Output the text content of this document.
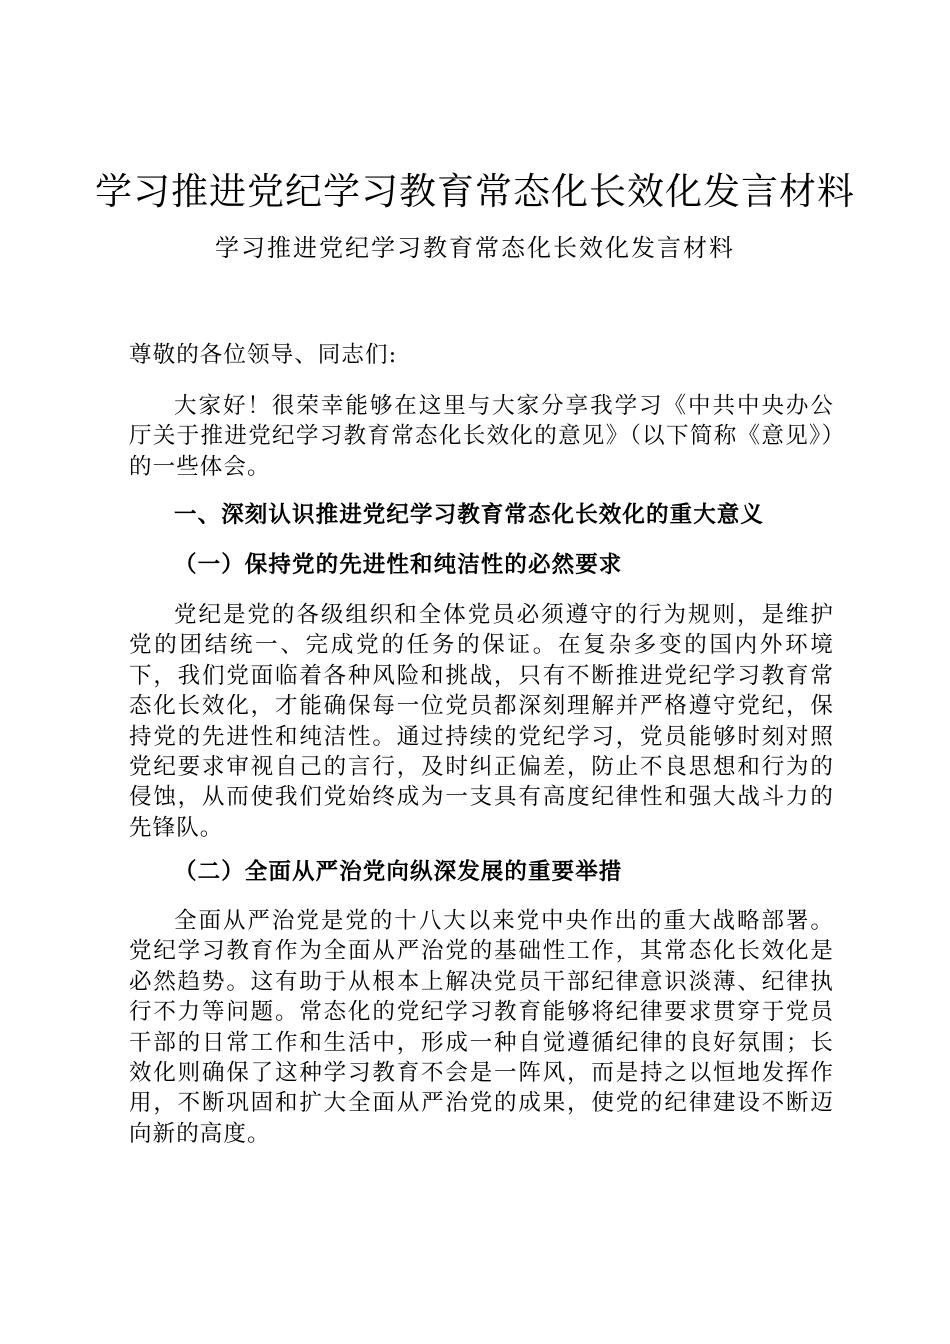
学习推进党纪学习教育常态化长效化发言材料
学习推进党纪学习教育常态化长效化发言材料

尊敬的各位领导、同志们:

大家好！很荣幸能够在这里与大家分享我学习《中共中央办公厅关于推进党纪学习教育常态化长效化的意见》（以下简称《意见》）的一些体会。

一、深刻认识推进党纪学习教育常态化长效化的重大意义
（一）保持党的先进性和纯洁性的必然要求

党纪是党的各级组织和全体党员必须遵守的行为规则，是维护党的团结统一、完成党的任务的保证。在复杂多变的国内外环境下，我们党面临着各种风险和挑战，只有不断推进党纪学习教育常态化长效化，才能确保每一位党员都深刻理解并严格遵守党纪，保持党的先进性和纯洁性。通过持续的党纪学习，党员能够时刻对照党纪要求审视自己的言行，及时纠正偏差，防止不良思想和行为的侵蚀，从而使我们党始终成为一支具有高度纪律性和强大战斗力的先锋队。

（二）全面从严治党向纵深发展的重要举措

全面从严治党是党的十八大以来党中央作出的重大战略部署。党纪学习教育作为全面从严治党的基础性工作，其常态化长效化是必然趋势。这有助于从根本上解决党员干部纪律意识淡薄、纪律执行不力等问题。常态化的党纪学习教育能够将纪律要求贯穿于党员干部的日常工作和生活中，形成一种自觉遵循纪律的良好氛围；长效化则确保了这种学习教育不会是一阵风，而是持之以恒地发挥作用，不断巩固和扩大全面从严治党的成果，使党的纪律建设不断迈向新的高度。
